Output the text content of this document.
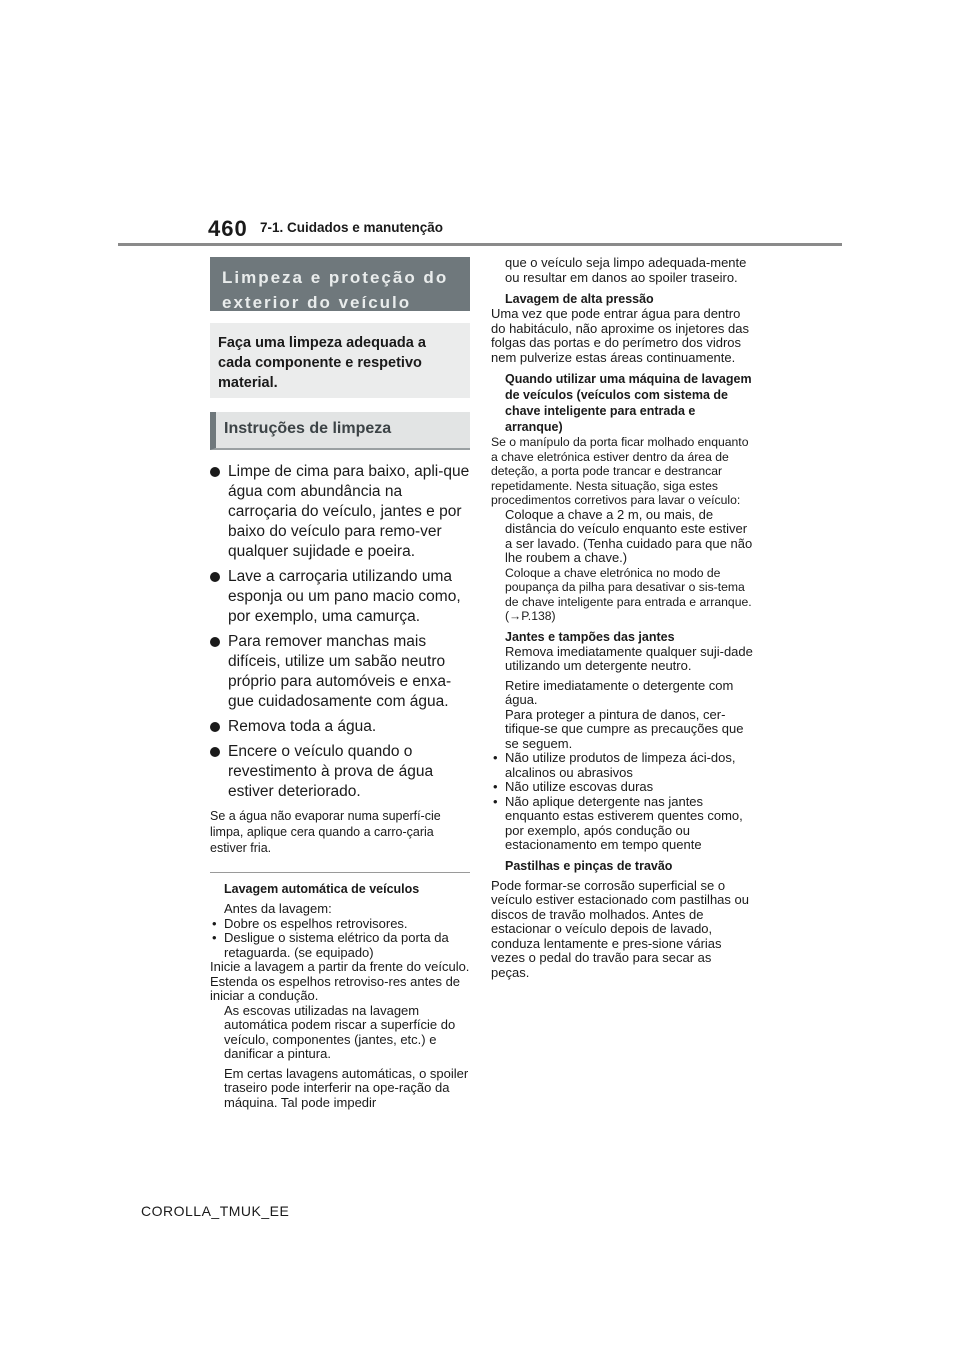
460 7-1. Cuidados e manutenção
Limpeza e proteção do exterior do veículo
Faça uma limpeza adequada a cada componente e respetivo material.
Instruções de limpeza
Limpe de cima para baixo, apli-que água com abundância na carroçaria do veículo, jantes e por baixo do veículo para remo-ver qualquer sujidade e poeira.
Lave a carroçaria utilizando uma esponja ou um pano macio como, por exemplo, uma camurça.
Para remover manchas mais difíceis, utilize um sabão neutro próprio para automóveis e enxa-gue cuidadosamente com água.
Remova toda a água.
Encere o veículo quando o revestimento à prova de água estiver deteriorado.
Se a água não evaporar numa superfí-cie limpa, aplique cera quando a carro-çaria estiver fria.
Lavagem automática de veículos
Antes da lavagem:
• Dobre os espelhos retrovisores.
• Desligue o sistema elétrico da porta da retaguarda. (se equipado)
Inicie a lavagem a partir da frente do veículo. Estenda os espelhos retroviso-res antes de iniciar a condução.
As escovas utilizadas na lavagem automática podem riscar a superfície do veículo, componentes (jantes, etc.) e danificar a pintura.
Em certas lavagens automáticas, o spoiler traseiro pode interferir na ope-ração da máquina. Tal pode impedir
que o veículo seja limpo adequada-mente ou resultar em danos ao spoiler traseiro.
Lavagem de alta pressão
Uma vez que pode entrar água para dentro do habitáculo, não aproxime os injetores das folgas das portas e do perímetro dos vidros nem pulverize estas áreas continuamente.
Quando utilizar uma máquina de lavagem de veículos (veículos com sistema de chave inteligente para entrada e arranque)
Se o manípulo da porta ficar molhado enquanto a chave eletrónica estiver dentro da área de deteção, a porta pode trancar e destrancar repetidamente. Nesta situação, siga estes procedimentos corretivos para lavar o veículo:
Coloque a chave a 2 m, ou mais, de distância do veículo enquanto este estiver a ser lavado. (Tenha cuidado para que não lhe roubem a chave.)
Coloque a chave eletrónica no modo de poupança da pilha para desativar o sis-tema de chave inteligente para entrada e arranque.(→P.138)
Jantes e tampões das jantes
Remova imediatamente qualquer suji-dade utilizando um detergente neutro.
Retire imediatamente o detergente com água.
Para proteger a pintura de danos, cer-tifique-se que cumpre as precauções que se seguem.
• Não utilize produtos de limpeza áci-dos, alcalinos ou abrasivos
• Não utilize escovas duras
• Não aplique detergente nas jantes enquanto estas estiverem quentes como, por exemplo, após condução ou estacionamento em tempo quente
Pastilhas e pinças de travão
Pode formar-se corrosão superficial se o veículo estiver estacionado com pastilhas ou discos de travão molhados. Antes de estacionar o veículo depois de lavado, conduza lentamente e pres-sione várias vezes o pedal do travão para secar as peças.
COROLLA_TMUK_EE
